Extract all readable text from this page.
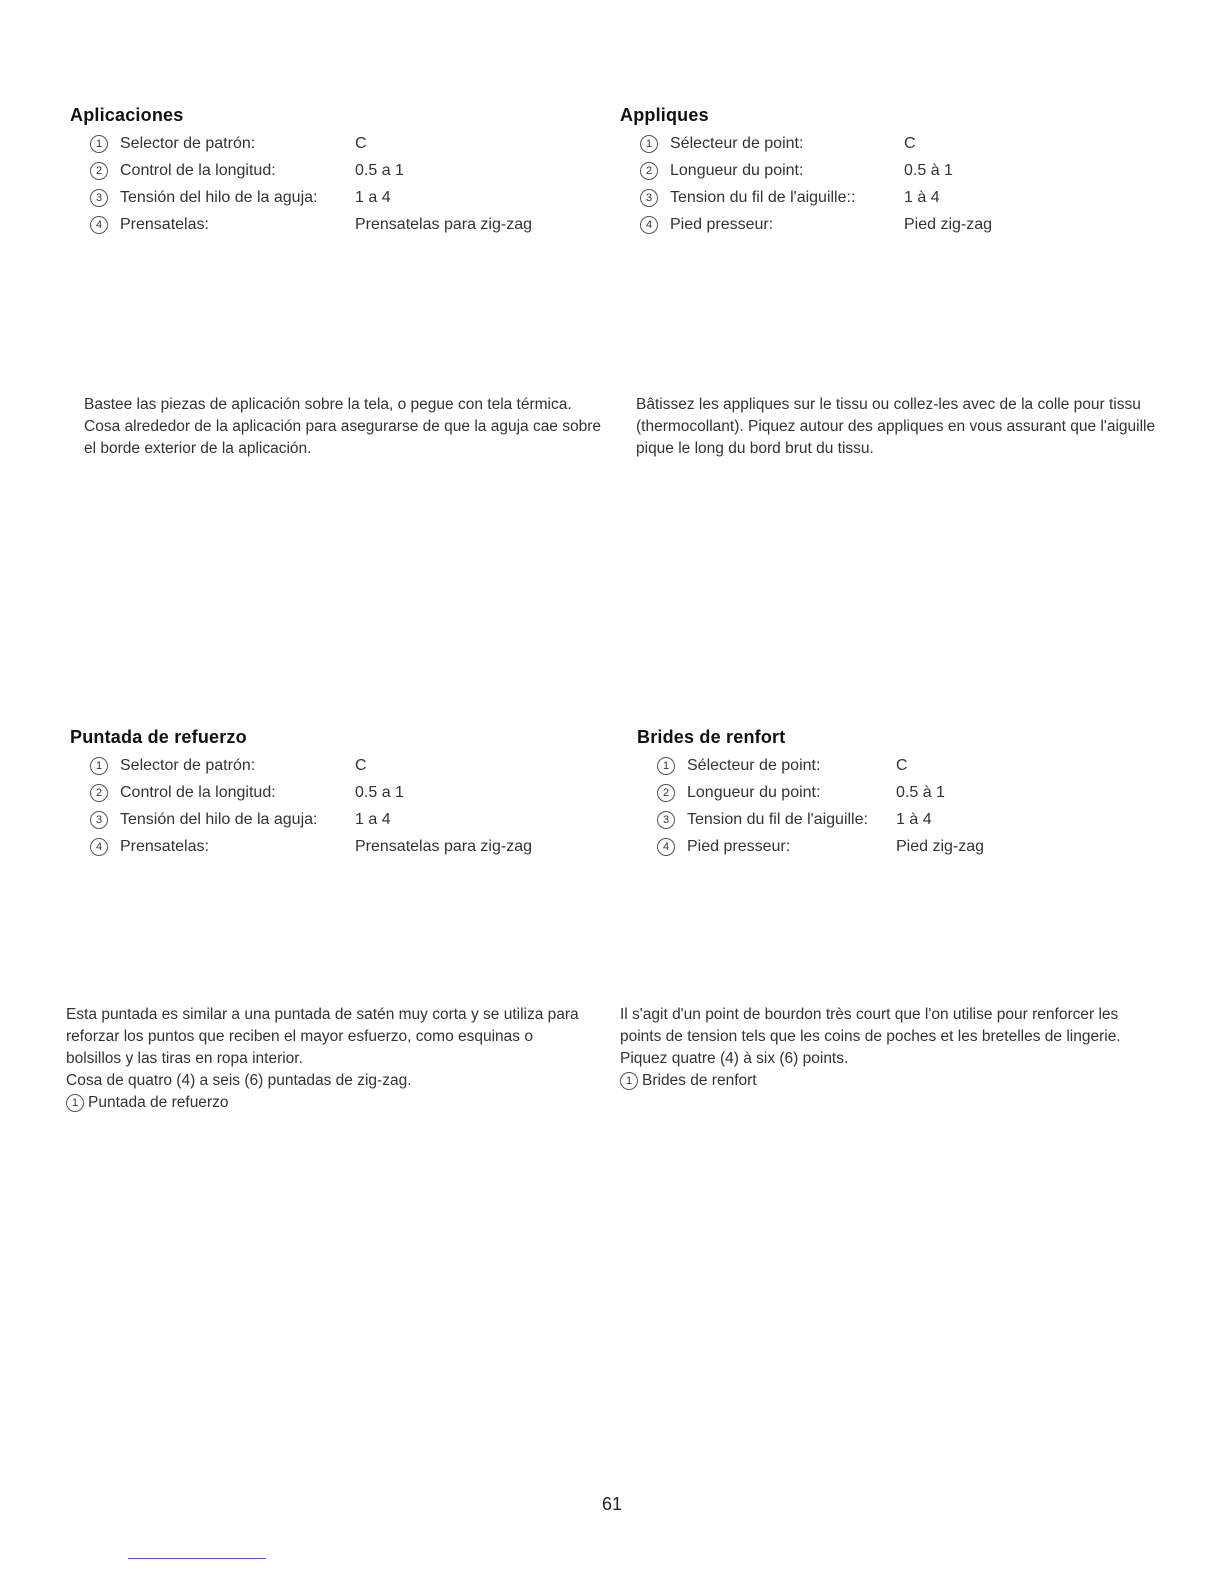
Aplicaciones
1	Selector de patrón:	C
2	Control de la longitud:	0.5 a 1
3	Tensión del hilo de la aguja:	1 a 4
4	Prensatelas:	Prensatelas para zig-zag
Appliques
1	Sélecteur de point:	C
2	Longueur du point:	0.5 à 1
3	Tension du fil de l'aiguille::	1 à 4
4	Pied presseur:	Pied zig-zag

Bastee las piezas de aplicación sobre la tela, o pegue con tela térmica. Cosa alrededor de la aplicación para asegurarse de que la aguja cae sobre el borde exterior de la aplicación.

Bâtissez les appliques sur le tissu ou collez-les avec de la colle pour tissu (thermocollant). Piquez autour des appliques en vous assurant que l'aiguille pique le long du bord brut du tissu.

Puntada de refuerzo
1	Selector de patrón:	C
2	Control de la longitud:	0.5 a 1
3	Tensión del hilo de la aguja:	1 a 4
4	Prensatelas:	Prensatelas para zig-zag
Brides de renfort
1	Sélecteur de point:	C
2	Longueur du point:	0.5 à 1
3	Tension du fil de l'aiguille:	1 à 4
4	Pied presseur:	Pied zig-zag

Esta puntada es similar a una puntada de satén muy corta y se utiliza para reforzar los puntos que reciben el mayor esfuerzo, como esquinas o bolsillos y las tiras en ropa interior.

Cosa de quatro (4) a seis (6) puntadas de zig-zag.

1 Puntada de refuerzo

Il s'agit d'un point de bourdon très court que l'on utilise pour renforcer les points de tension tels que les coins de poches et les bretelles de lingerie.

Piquez quatre (4) à six (6) points.

1 Brides de renfort
61
